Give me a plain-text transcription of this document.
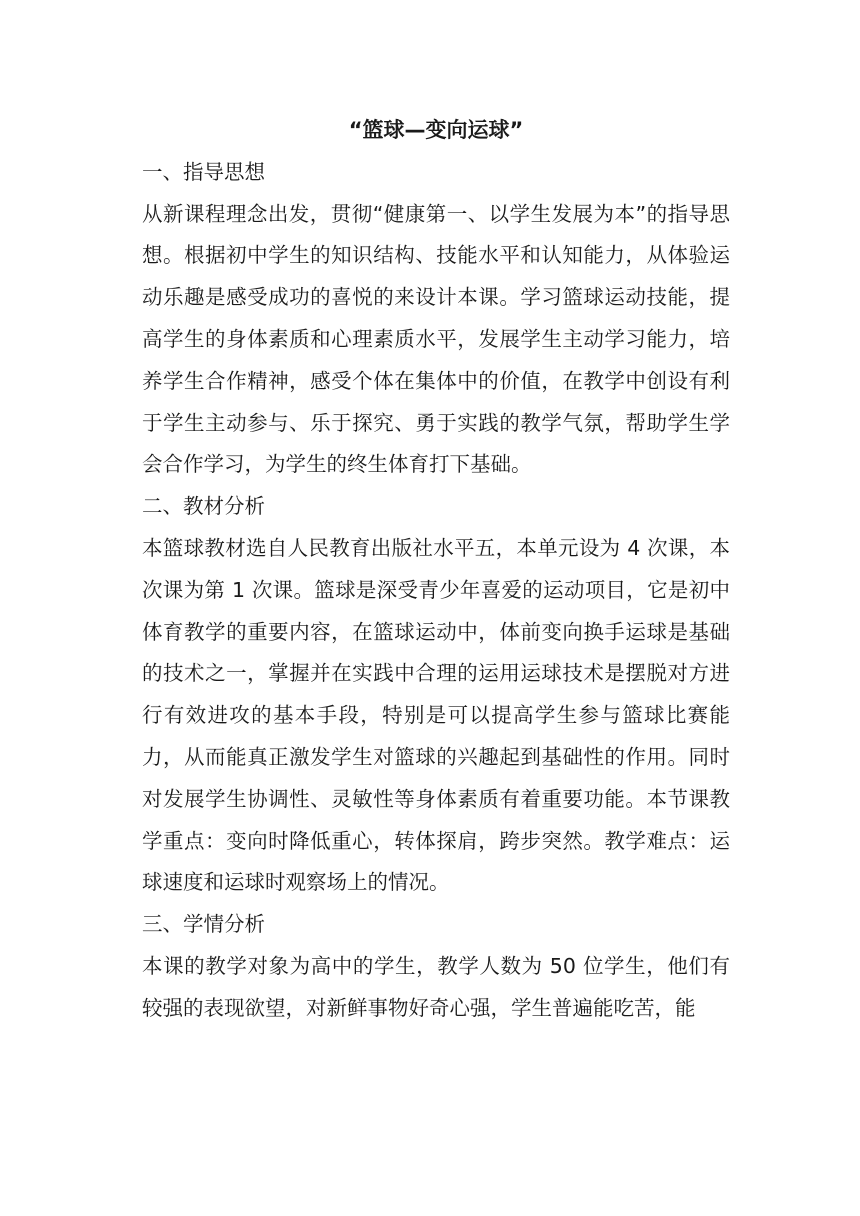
“篮球—变向运球”
一、指导思想

从新课程理念出发，贯彻“健康第一、以学生发展为本”的指导思想。根据初中学生的知识结构、技能水平和认知能力，从体验运动乐趣是感受成功的喜悦的来设计本课。学习篮球运动技能，提高学生的身体素质和心理素质水平，发展学生主动学习能力，培养学生合作精神，感受个体在集体中的价值，在教学中创设有利于学生主动参与、乐于探究、勇于实践的教学气氛，帮助学生学会合作学习，为学生的终生体育打下基础。

二、教材分析

本篮球教材选自人民教育出版社水平五，本单元设为 4 次课，本次课为第 1 次课。篮球是深受青少年喜爱的运动项目，它是初中体育教学的重要内容，在篮球运动中，体前变向换手运球是基础的技术之一，掌握并在实践中合理的运用运球技术是摆脱对方进行有效进攻的基本手段，特别是可以提高学生参与篮球比赛能力，从而能真正激发学生对篮球的兴趣起到基础性的作用。同时对发展学生协调性、灵敏性等身体素质有着重要功能。本节课教学重点：变向时降低重心，转体探肩，跨步突然。教学难点：运球速度和运球时观察场上的情况。

三、学情分析

本课的教学对象为高中的学生，教学人数为 50 位学生，他们有较强的表现欲望，对新鲜事物好奇心强，学生普遍能吃苦，能
